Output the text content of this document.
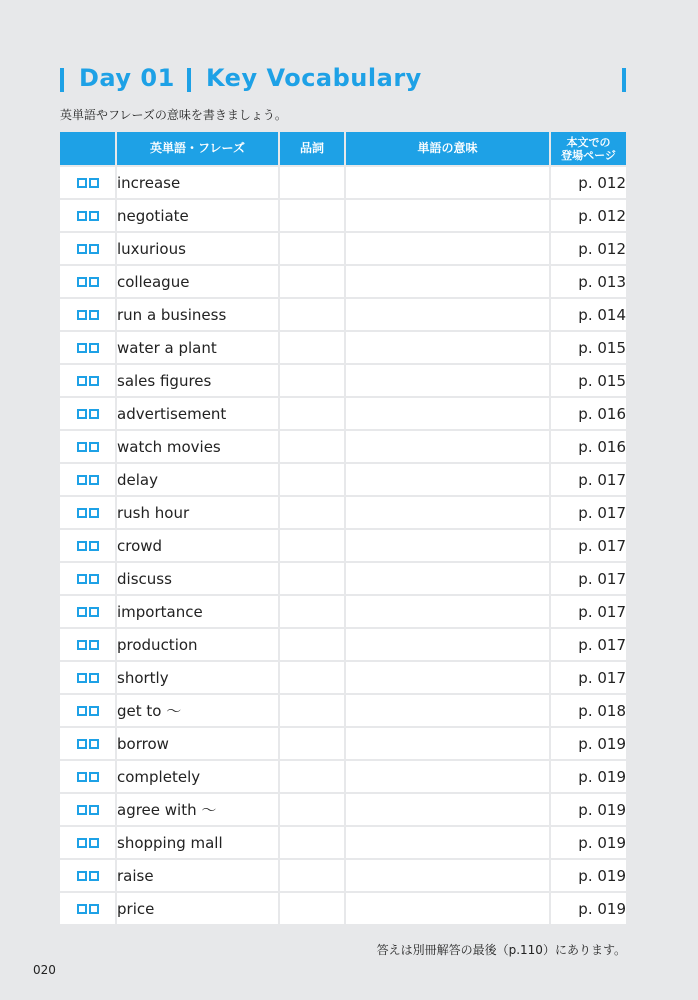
Day 01 Key Vocabulary
英単語やフレーズの意味を書きましょう。
	英単語・フレーズ	品詞	単語の意味	本文での
登場ページ
	increase			p. 012
	negotiate			p. 012
	luxurious			p. 012
	colleague			p. 013
	run a business			p. 014
	water a plant			p. 015
	sales figures			p. 015
	advertisement			p. 016
	watch movies			p. 016
	delay			p. 017
	rush hour			p. 017
	crowd			p. 017
	discuss			p. 017
	importance			p. 017
	production			p. 017
	shortly			p. 017
	get to 〜			p. 018
	borrow			p. 019
	completely			p. 019
	agree with 〜			p. 019
	shopping mall			p. 019
	raise			p. 019
	price			p. 019
答えは別冊解答の最後（p.110）にあります。
020
